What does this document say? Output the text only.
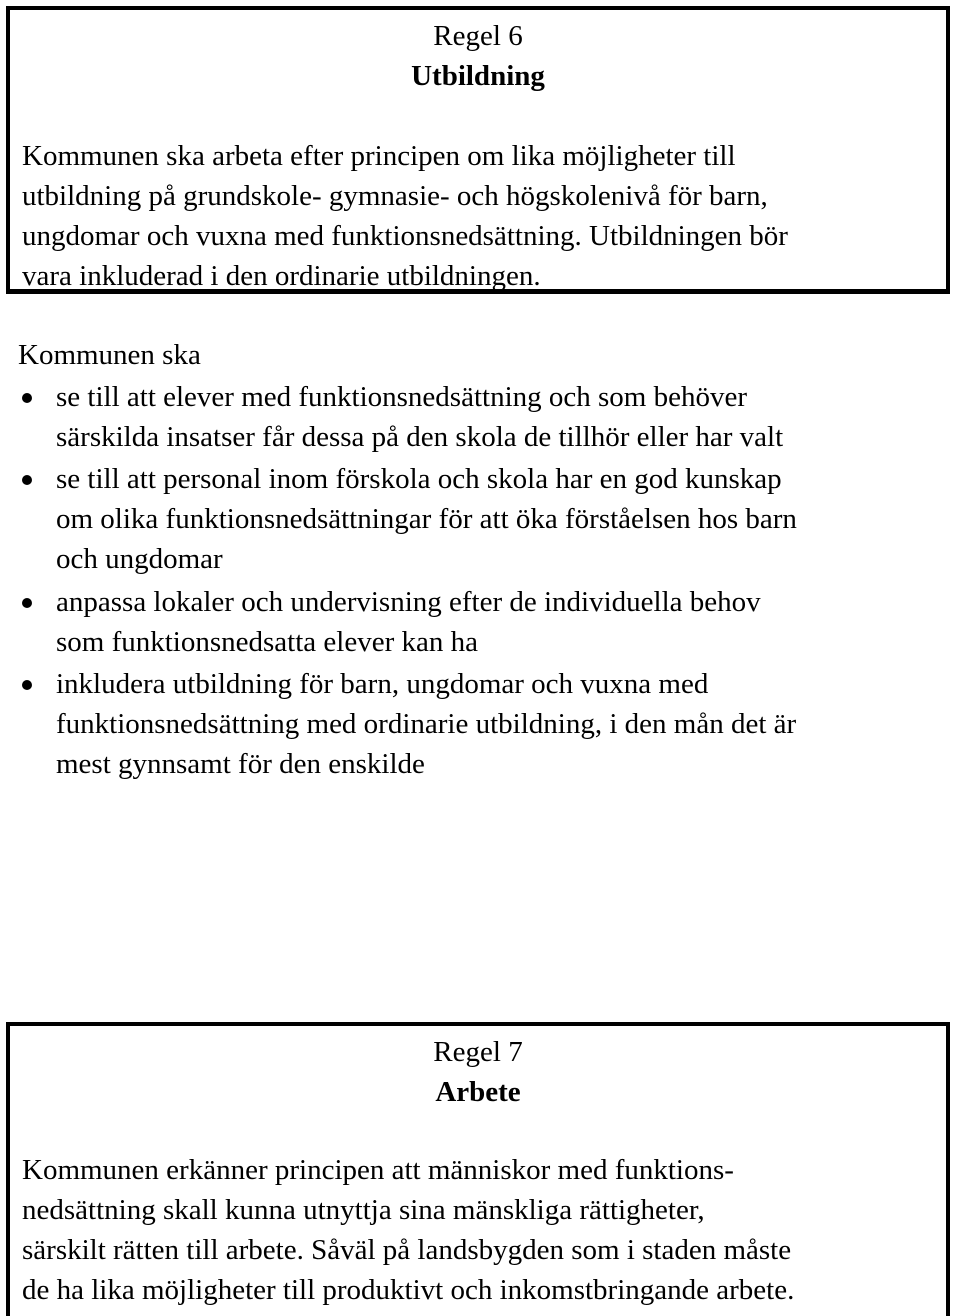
Regel 6
Utbildning
Kommunen ska arbeta efter principen om lika möjligheter till
utbildning på grundskole- gymnasie- och högskolenivå för barn,
ungdomar och vuxna med funktionsnedsättning. Utbildningen bör
vara inkluderad i den ordinarie utbildningen.
Kommunen ska
se till att elever med funktionsnedsättning och som behöver
särskilda insatser får dessa på den skola de tillhör eller har valt
se till att personal inom förskola och skola har en god kunskap
om olika funktionsnedsättningar för att öka förståelsen hos barn
och ungdomar
anpassa lokaler och undervisning efter de individuella behov
som funktionsnedsatta elever kan ha
inkludera utbildning för barn, ungdomar och vuxna med
funktionsnedsättning med ordinarie utbildning, i den mån det är
mest gynnsamt för den enskilde
Regel 7
Arbete
Kommunen erkänner principen att människor med funktions-
nedsättning skall kunna utnyttja sina mänskliga rättigheter,
särskilt rätten till arbete. Såväl på landsbygden som i staden måste
de ha lika möjligheter till produktivt och inkomstbringande arbete.
